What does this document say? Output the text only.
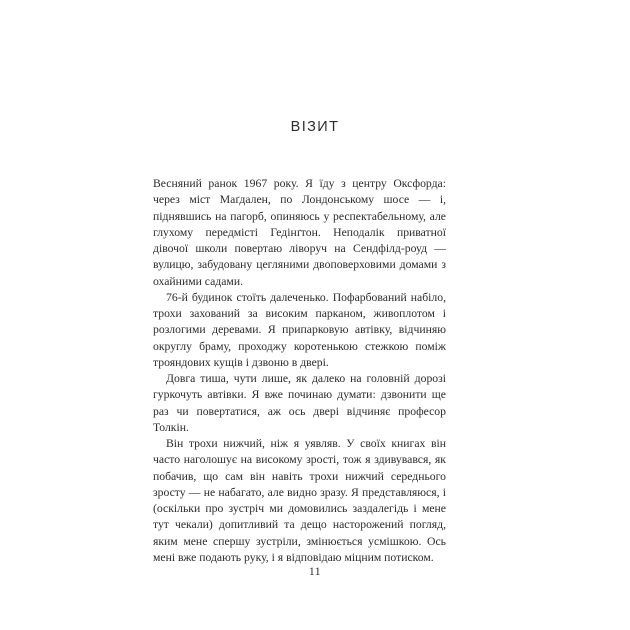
ВІЗИТ

Весняний ранок 1967 року. Я їду з центру Оксфорда: через міст Маґдален, по Лондонському шосе — і, піднявшись на пагорб, опиняюсь у респектабельному, але глухому передмісті Гедінґтон. Неподалік приватної дівочої школи повертаю ліворуч на Сендфілд-роуд — вулицю, забудовану цегляними двоповерховими домами з охайними садами.

76-й будинок стоїть далеченько. Пофарбований набіло, трохи захований за високим парканом, живоплотом і розлогими деревами. Я припарковую автівку, відчиняю округлу браму, проходжу коротенькою стежкою поміж трояндових кущів і дзвоню в двері.

Довга тиша, чути лише, як далеко на головній дорозі гуркочуть автівки. Я вже починаю думати: дзвонити ще раз чи повертатися, аж ось двері відчиняє професор Толкін.

Він трохи нижчий, ніж я уявляв. У своїх книгах він часто наголошує на високому зрості, тож я здивувався, як побачив, що сам він навіть трохи нижчий середнього зросту — не набагато, але видно зразу. Я представляюся, і (оскільки про зустріч ми домовились заздалегідь і мене тут чекали) допитливий та дещо насторожений погляд, яким мене спершу зустріли, змінюється усмішкою. Ось мені вже подають руку, і я відповідаю міцним потиском.

11
